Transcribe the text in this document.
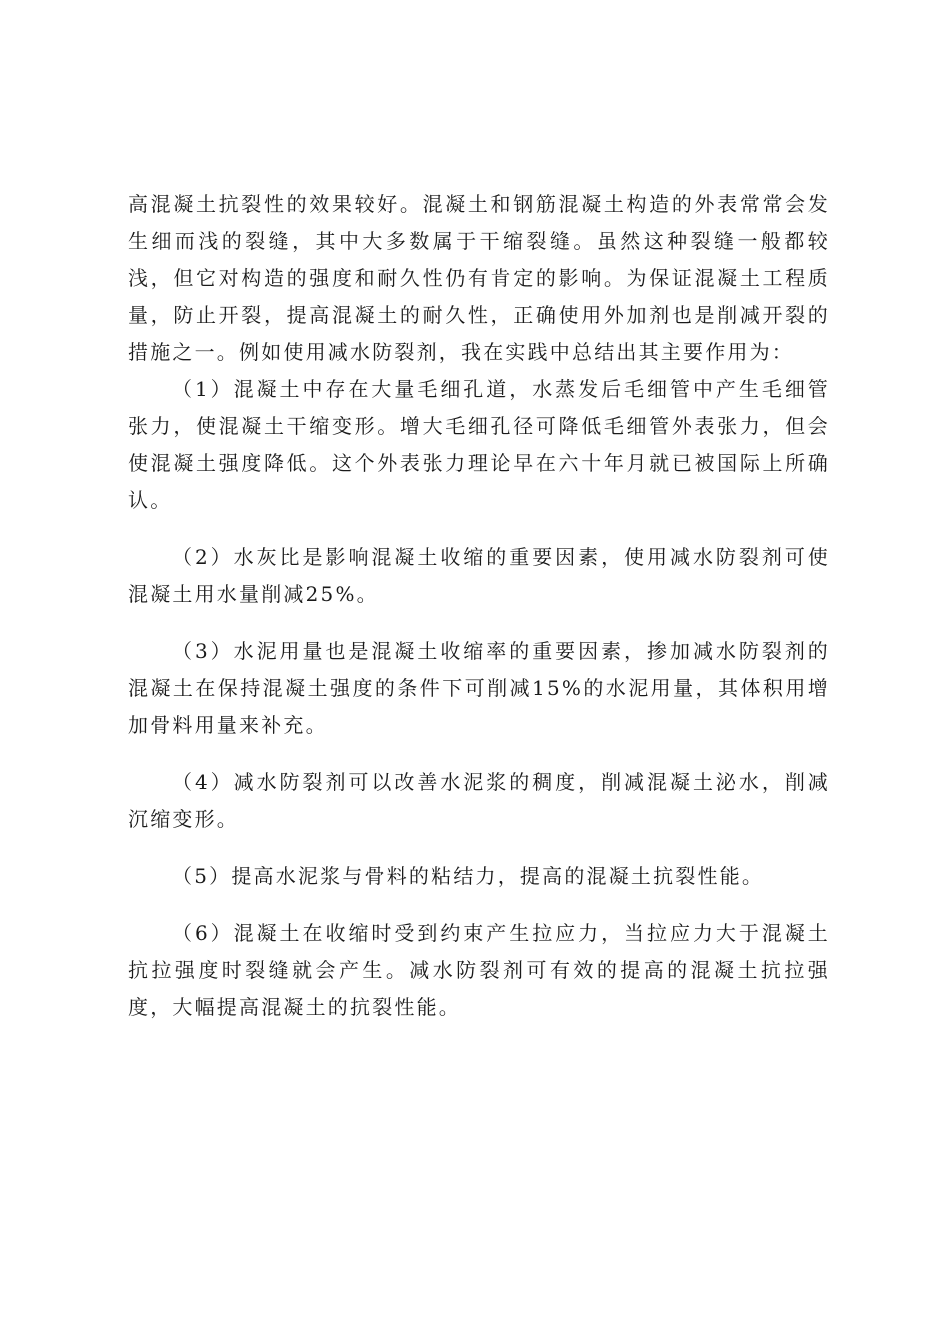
高混凝土抗裂性的效果较好。混凝土和钢筋混凝土构造的外表常常会发生细而浅的裂缝，其中大多数属于干缩裂缝。虽然这种裂缝一般都较浅，但它对构造的强度和耐久性仍有肯定的影响。为保证混凝土工程质量，防止开裂，提高混凝土的耐久性，正确使用外加剂也是削减开裂的措施之一。例如使用减水防裂剂，我在实践中总结出其主要作用为：

（1）混凝土中存在大量毛细孔道，水蒸发后毛细管中产生毛细管张力，使混凝土干缩变形。增大毛细孔径可降低毛细管外表张力，但会使混凝土强度降低。这个外表张力理论早在六十年月就已被国际上所确认。

（2）水灰比是影响混凝土收缩的重要因素，使用减水防裂剂可使混凝土用水量削减25%。

（3）水泥用量也是混凝土收缩率的重要因素，掺加减水防裂剂的混凝土在保持混凝土强度的条件下可削减15%的水泥用量，其体积用增加骨料用量来补充。

（4）减水防裂剂可以改善水泥浆的稠度，削减混凝土泌水，削减沉缩变形。

（5）提高水泥浆与骨料的粘结力，提高的混凝土抗裂性能。

（6）混凝土在收缩时受到约束产生拉应力，当拉应力大于混凝土抗拉强度时裂缝就会产生。减水防裂剂可有效的提高的混凝土抗拉强度，大幅提高混凝土的抗裂性能。
